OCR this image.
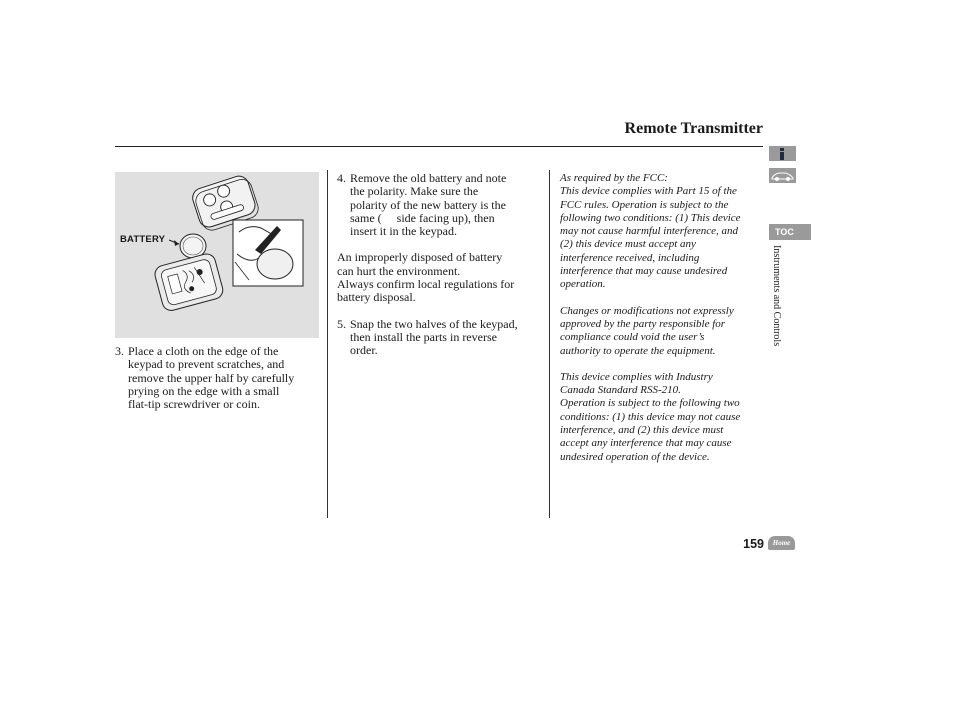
Remote Transmitter
BATTERY
3. Place a cloth on the edge of the

keypad to prevent scratches, and

remove the upper half by carefully

prying on the edge with a small

flat-tip screwdriver or coin.

4. Remove the old battery and note

the polarity. Make sure the

polarity of the new battery is the

same (     side facing up), then

insert it in the keypad.

An improperly disposed of battery

can hurt the environment.

Always confirm local regulations for

battery disposal.

5. Snap the two halves of the keypad,

then install the parts in reverse

order.

As required by the FCC:

This device complies with Part 15 of the

FCC rules. Operation is subject to the

following two conditions: (1) This device

may not cause harmful interference, and

(2) this device must accept any

interference received, including

interference that may cause undesired

operation.

Changes or modifications not expressly

approved by the party responsible for

compliance could void the user’s

authority to operate the equipment.

This device complies with Industry

Canada Standard RSS-210.

Operation is subject to the following two

conditions: (1) this device may not cause

interference, and (2) this device must

accept any interference that may cause

undesired operation of the device.

TOC
Instruments and Controls
159	Home
